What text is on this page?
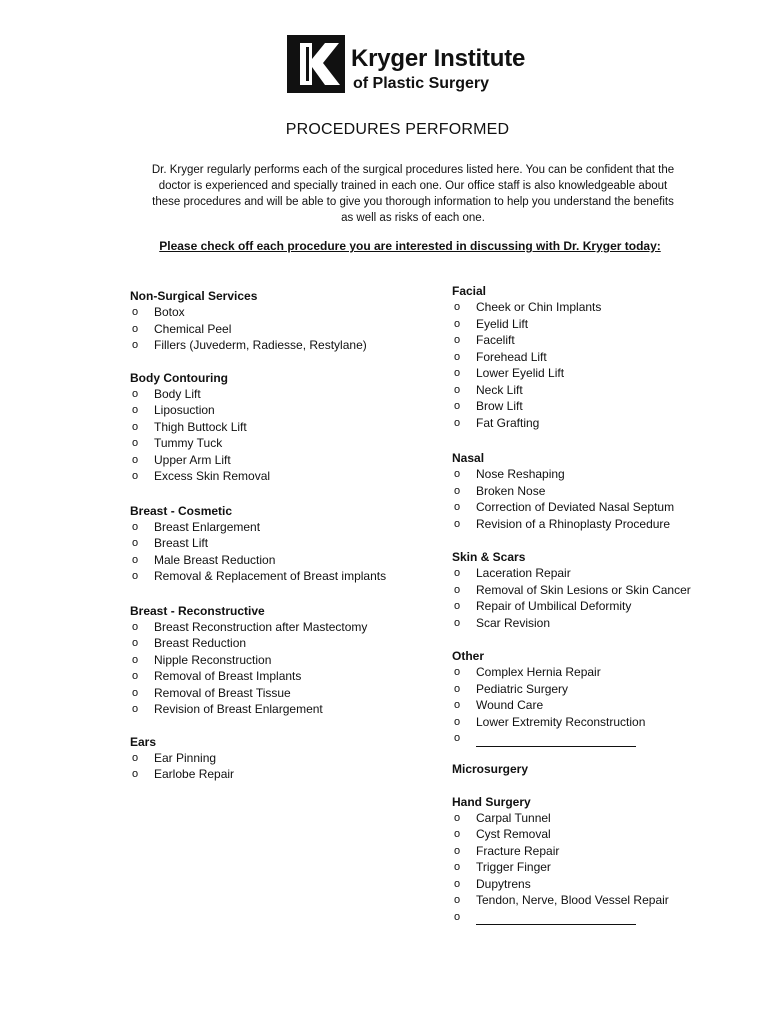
Kryger Institute
of Plastic Surgery
PROCEDURES PERFORMED
Dr. Kryger regularly performs each of the surgical procedures listed here. You can be confident that the doctor is experienced and specially trained in each one. Our office staff is also knowledgeable about these procedures and will be able to give you thorough information to help you understand the benefits as well as risks of each one.
Please check off each procedure you are interested in discussing with Dr. Kryger today:
Non-Surgical Services
o	Botox
o	Chemical Peel
o	Fillers (Juvederm, Radiesse, Restylane)
Body Contouring
o	Body Lift
o	Liposuction
o	Thigh Buttock Lift
o	Tummy Tuck
o	Upper Arm Lift
o	Excess Skin Removal
Breast - Cosmetic
o	Breast Enlargement
o	Breast Lift
o	Male Breast Reduction
o	Removal & Replacement of Breast implants
Breast - Reconstructive
o	Breast Reconstruction after Mastectomy
o	Breast Reduction
o	Nipple Reconstruction
o	Removal of Breast Implants
o	Removal of Breast Tissue
o	Revision of Breast Enlargement
Ears
o	Ear Pinning
o	Earlobe Repair
Facial
o	Cheek or Chin Implants
o	Eyelid Lift
o	Facelift
o	Forehead Lift
o	Lower Eyelid Lift
o	Neck Lift
o	Brow Lift
o	Fat Grafting
Nasal
o	Nose Reshaping
o	Broken Nose
o	Correction of Deviated Nasal Septum
o	Revision of a Rhinoplasty Procedure
Skin & Scars
o	Laceration Repair
o	Removal of Skin Lesions or Skin Cancer
o	Repair of Umbilical Deformity
o	Scar Revision
Other
o	Complex Hernia Repair
o	Pediatric Surgery
o	Wound Care
o	Lower Extremity Reconstruction
o
Microsurgery
Hand Surgery
o	Carpal Tunnel
o	Cyst Removal
o	Fracture Repair
o	Trigger Finger
o	Dupytrens
o	Tendon, Nerve, Blood Vessel Repair
o
